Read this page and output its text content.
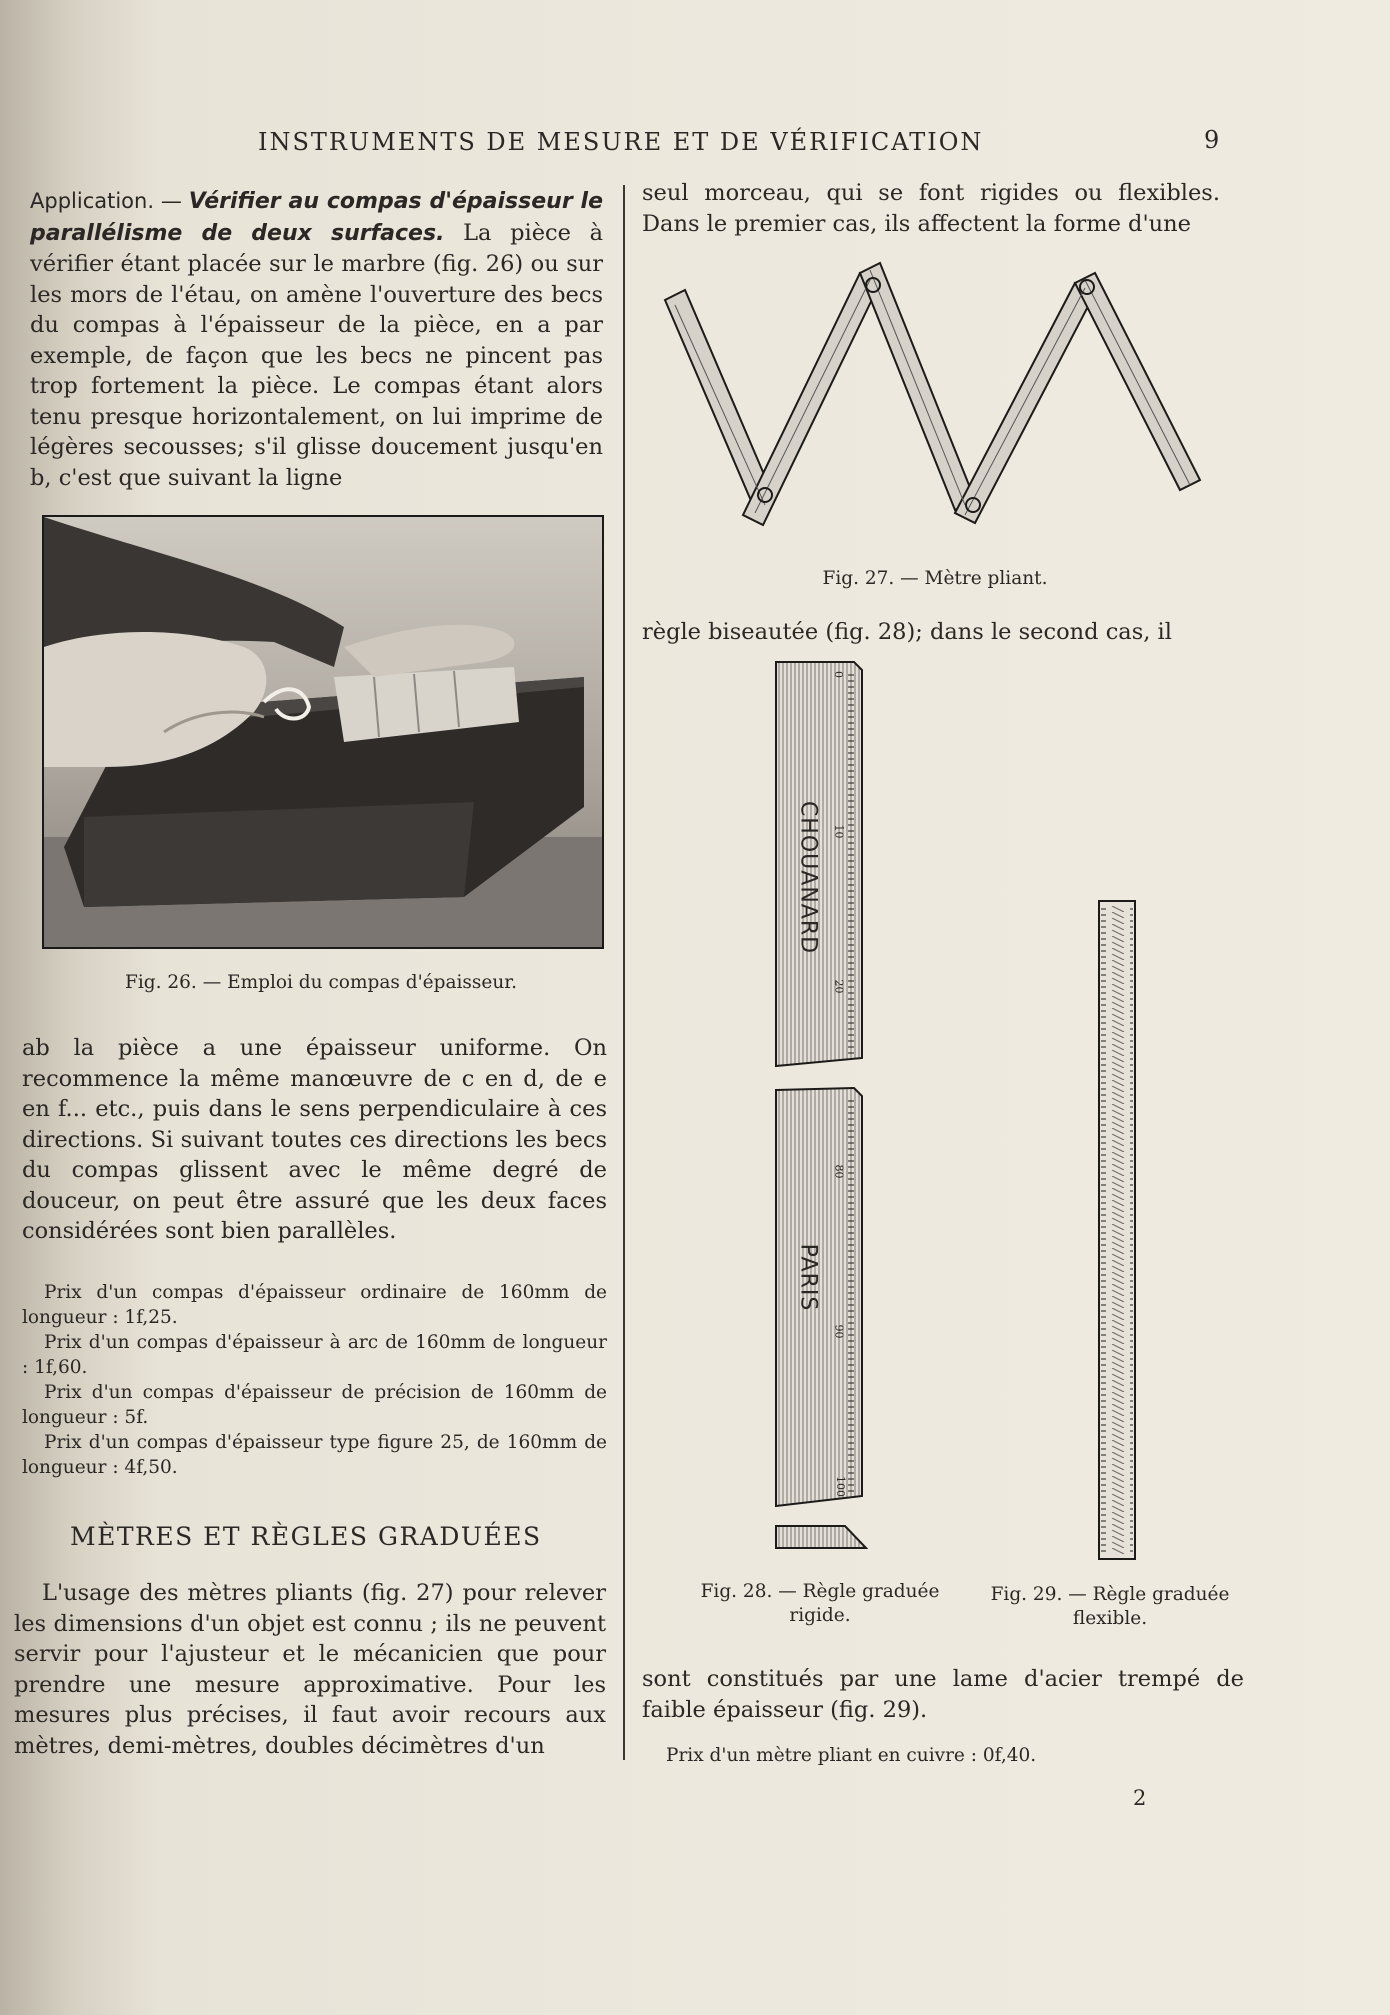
INSTRUMENTS DE MESURE ET DE VÉRIFICATION	9

Application. — Vérifier au compas d'épaisseur le parallélisme de deux surfaces. La pièce à vérifier étant placée sur le marbre (fig. 26) ou sur les mors de l'étau, on amène l'ouverture des becs du compas à l'épaisseur de la pièce, en a par exemple, de façon que les becs ne pincent pas trop fortement la pièce. Le compas étant alors tenu presque horizontalement, on lui imprime de légères secousses; s'il glisse doucement jusqu'en b, c'est que suivant la ligne

Fig. 26. — Emploi du compas d'épaisseur.

ab la pièce a une épaisseur uniforme. On recommence la même manœuvre de c en d, de e en f... etc., puis dans le sens perpendiculaire à ces directions. Si suivant toutes ces directions les becs du compas glissent avec le même degré de douceur, on peut être assuré que les deux faces considérées sont bien parallèles.

Prix d'un compas d'épaisseur ordinaire de 160mm de longueur : 1f,25.
Prix d'un compas d'épaisseur à arc de 160mm de longueur : 1f,60.
Prix d'un compas d'épaisseur de précision de 160mm de longueur : 5f.
Prix d'un compas d'épaisseur type figure 25, de 160mm de longueur : 4f,50.

MÈTRES ET RÈGLES GRADUÉES

L'usage des mètres pliants (fig. 27) pour relever les dimensions d'un objet est connu ; ils ne peuvent servir pour l'ajusteur et le mécanicien que pour prendre une mesure approximative. Pour les mesures plus précises, il faut avoir recours aux mètres, demi-mètres, doubles décimètres d'un

seul morceau, qui se font rigides ou flexibles. Dans le premier cas, ils affectent la forme d'une

Fig. 27. — Mètre pliant.

règle biseautée (fig. 28); dans le second cas, il

CHOUANARD
PARIS
0
10
20
80
90
100
Fig. 28. — Règle graduée
rigide.
Fig. 29. — Règle graduée
flexible.

sont constitués par une lame d'acier trempé de faible épaisseur (fig. 29).

Prix d'un mètre pliant en cuivre : 0f,40.
2
